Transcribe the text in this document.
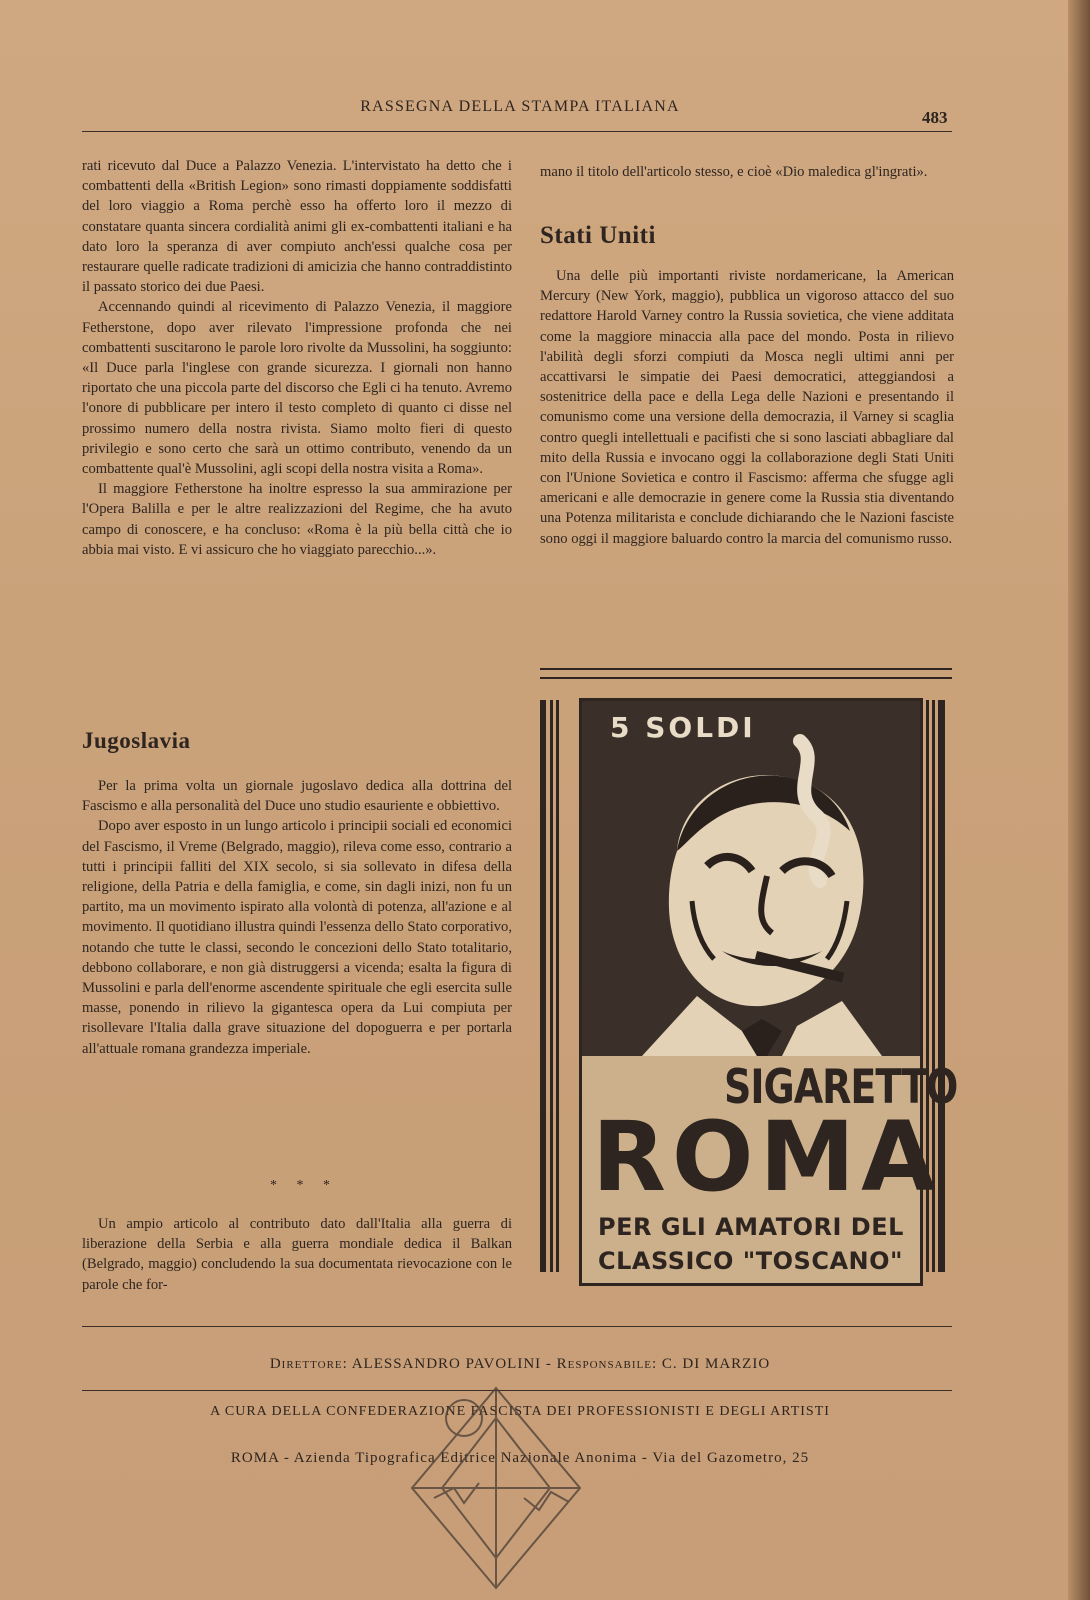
RASSEGNA DELLA STAMPA ITALIANA
483

rati ricevuto dal Duce a Palazzo Venezia. L'intervistato ha detto che i combattenti della «British Legion» sono rimasti doppiamente soddisfatti del loro viaggio a Roma perchè esso ha offerto loro il mezzo di constatare quanta sincera cordialità animi gli ex-combattenti italiani e ha dato loro la speranza di aver compiuto anch'essi qualche cosa per restaurare quelle radicate tradizioni di amicizia che hanno contraddistinto il passato storico dei due Paesi.

Accennando quindi al ricevimento di Palazzo Venezia, il maggiore Fetherstone, dopo aver rilevato l'impressione profonda che nei combattenti suscitarono le parole loro rivolte da Mussolini, ha soggiunto: «Il Duce parla l'inglese con grande sicurezza. I giornali non hanno riportato che una piccola parte del discorso che Egli ci ha tenuto. Avremo l'onore di pubblicare per intero il testo completo di quanto ci disse nel prossimo numero della nostra rivista. Siamo molto fieri di questo privilegio e sono certo che sarà un ottimo contributo, venendo da un combattente qual'è Mussolini, agli scopi della nostra visita a Roma».

Il maggiore Fetherstone ha inoltre espresso la sua ammirazione per l'Opera Balilla e per le altre realizzazioni del Regime, che ha avuto campo di conoscere, e ha concluso: «Roma è la più bella città che io abbia mai visto. E vi assicuro che ho viaggiato parecchio...».

mano il titolo dell'articolo stesso, e cioè «Dio maledica gl'ingrati».

Stati Uniti

Una delle più importanti riviste nordamericane, la American Mercury (New York, maggio), pubblica un vigoroso attacco del suo redattore Harold Varney contro la Russia sovietica, che viene additata come la maggiore minaccia alla pace del mondo. Posta in rilievo l'abilità degli sforzi compiuti da Mosca negli ultimi anni per accattivarsi le simpatie dei Paesi democratici, atteggiandosi a sostenitrice della pace e della Lega delle Nazioni e presentando il comunismo come una versione della democrazia, il Varney si scaglia contro quegli intellettuali e pacifisti che si sono lasciati abbagliare dal mito della Russia e invocano oggi la collaborazione degli Stati Uniti con l'Unione Sovietica e contro il Fascismo: afferma che sfugge agli americani e alle democrazie in genere come la Russia stia diventando una Potenza militarista e conclude dichiarando che le Nazioni fasciste sono oggi il maggiore baluardo contro la marcia del comunismo russo.

Jugoslavia

Per la prima volta un giornale jugoslavo dedica alla dottrina del Fascismo e alla personalità del Duce uno studio esauriente e obbiettivo.

Dopo aver esposto in un lungo articolo i principii sociali ed economici del Fascismo, il Vreme (Belgrado, maggio), rileva come esso, contrario a tutti i principii falliti del XIX secolo, si sia sollevato in difesa della religione, della Patria e della famiglia, e come, sin dagli inizi, non fu un partito, ma un movimento ispirato alla volontà di potenza, all'azione e al movimento. Il quotidiano illustra quindi l'essenza dello Stato corporativo, notando che tutte le classi, secondo le concezioni dello Stato totalitario, debbono collaborare, e non già distruggersi a vicenda; esalta la figura di Mussolini e parla dell'enorme ascendente spirituale che egli esercita sulle masse, ponendo in rilievo la gigantesca opera da Lui compiuta per risollevare l'Italia dalla grave situazione del dopoguerra e per portarla all'attuale romana grandezza imperiale.

* * *

Un ampio articolo al contributo dato dall'Italia alla guerra di liberazione della Serbia e alla guerra mondiale dedica il Balkan (Belgrado, maggio) concludendo la sua documentata rievocazione con le parole che for-

5 SOLDI
SIGARETTO
ROMA
PER GLI AMATORI DEL
CLASSICO "TOSCANO"
Direttore: ALESSANDRO PAVOLINI - Responsabile: C. DI MARZIO
A CURA DELLA CONFEDERAZIONE FASCISTA DEI PROFESSIONISTI E DEGLI ARTISTI
ROMA - Azienda Tipografica Editrice Nazionale Anonima - Via del Gazometro, 25
